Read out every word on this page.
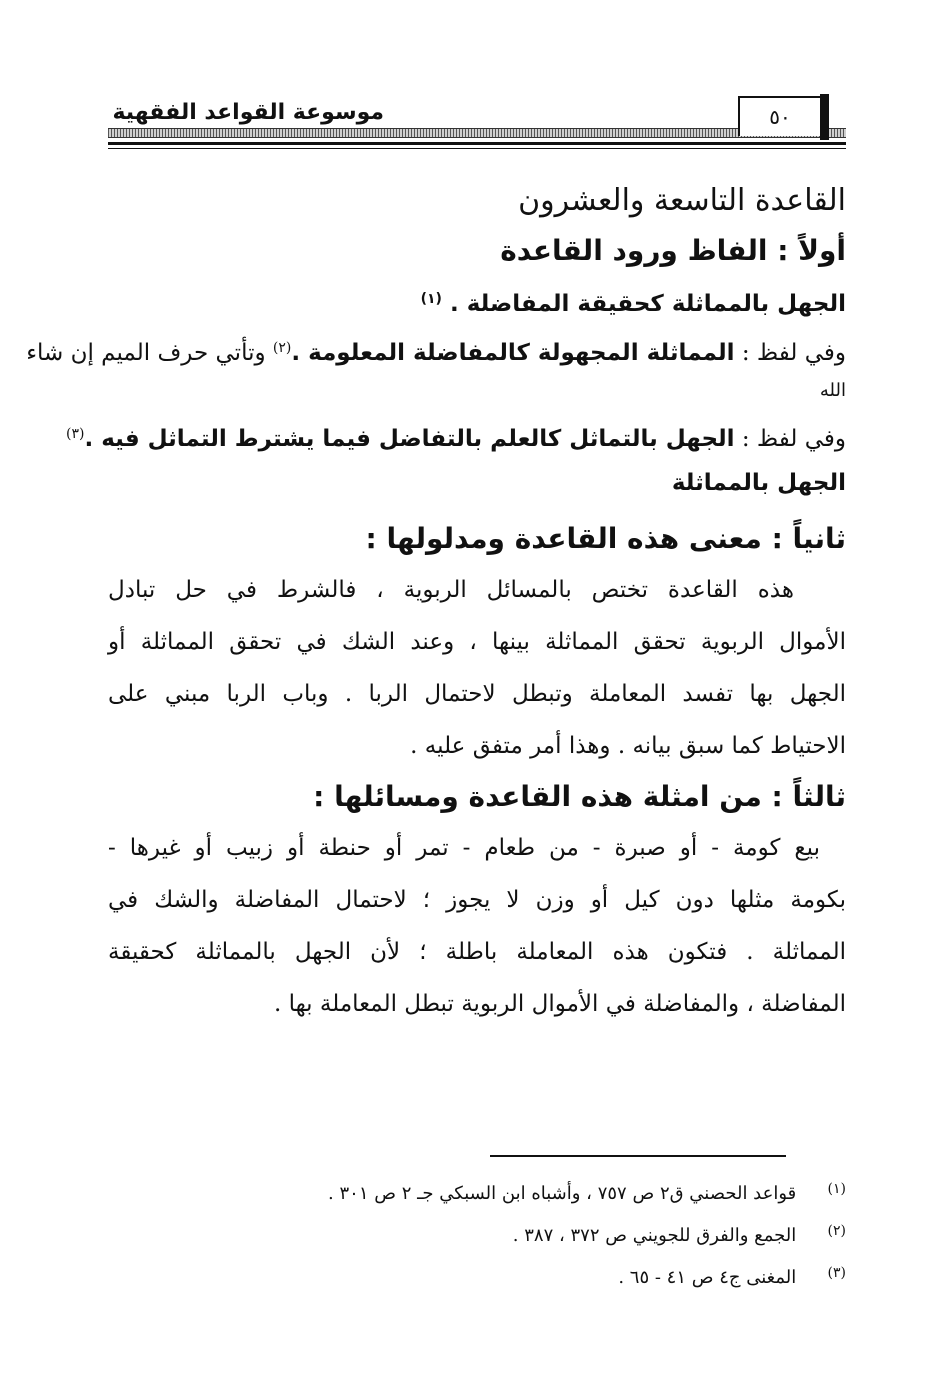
موسوعة القواعد الفقهية	٥٠
القاعدة التاسعة والعشرون
أولاً : الفاظ ورود القاعدة
الجهل بالمماثلة كحقيقة المفاضلة . $^{(١)}$
وفي لفظ : المماثلة المجهولة كالمفاضلة المعلومة .$^{(٢)}$ وتأتي حرف الميم إن شاء
الله
وفي لفظ : الجهل بالتماثل كالعلم بالتفاضل فيما يشترط التماثل فيه .$^{(٣)}$
الجهل بالمماثلة
ثانياً : معنى هذه القاعدة ومدلولها :
هذه القاعدة تختص بالمسائل الربوية ، فالشرط في حل تبادل
الأموال الربوية تحقق المماثلة بينها ، وعند الشك في تحقق المماثلة أو
الجهل بها تفسد المعاملة وتبطل لاحتمال الربا . وباب الربا مبني على
الاحتياط كما سبق بيانه . وهذا أمر متفق عليه .
ثالثاً : من امثلة هذه القاعدة ومسائلها :
بيع كومة - أو صبرة - من طعام - تمر أو حنطة أو زبيب أو غيرها -
بكومة مثلها دون كيل أو وزن لا يجوز ؛ لاحتمال المفاضلة والشك في
المماثلة . فتكون هذه المعاملة باطلة ؛ لأن الجهل بالمماثلة كحقيقة
المفاضلة ، والمفاضلة في الأموال الربوية تبطل المعاملة بها .
(١) قواعد الحصني ق٢ ص ٧٥٧ ، وأشباه ابن السبكي جـ ٢ ص ٣٠١ .
(٢) الجمع والفرق للجويني ص ٣٧٢ ، ٣٨٧ .
(٣) المغنى ج٤ ص ٤١ - ٦٥ .
